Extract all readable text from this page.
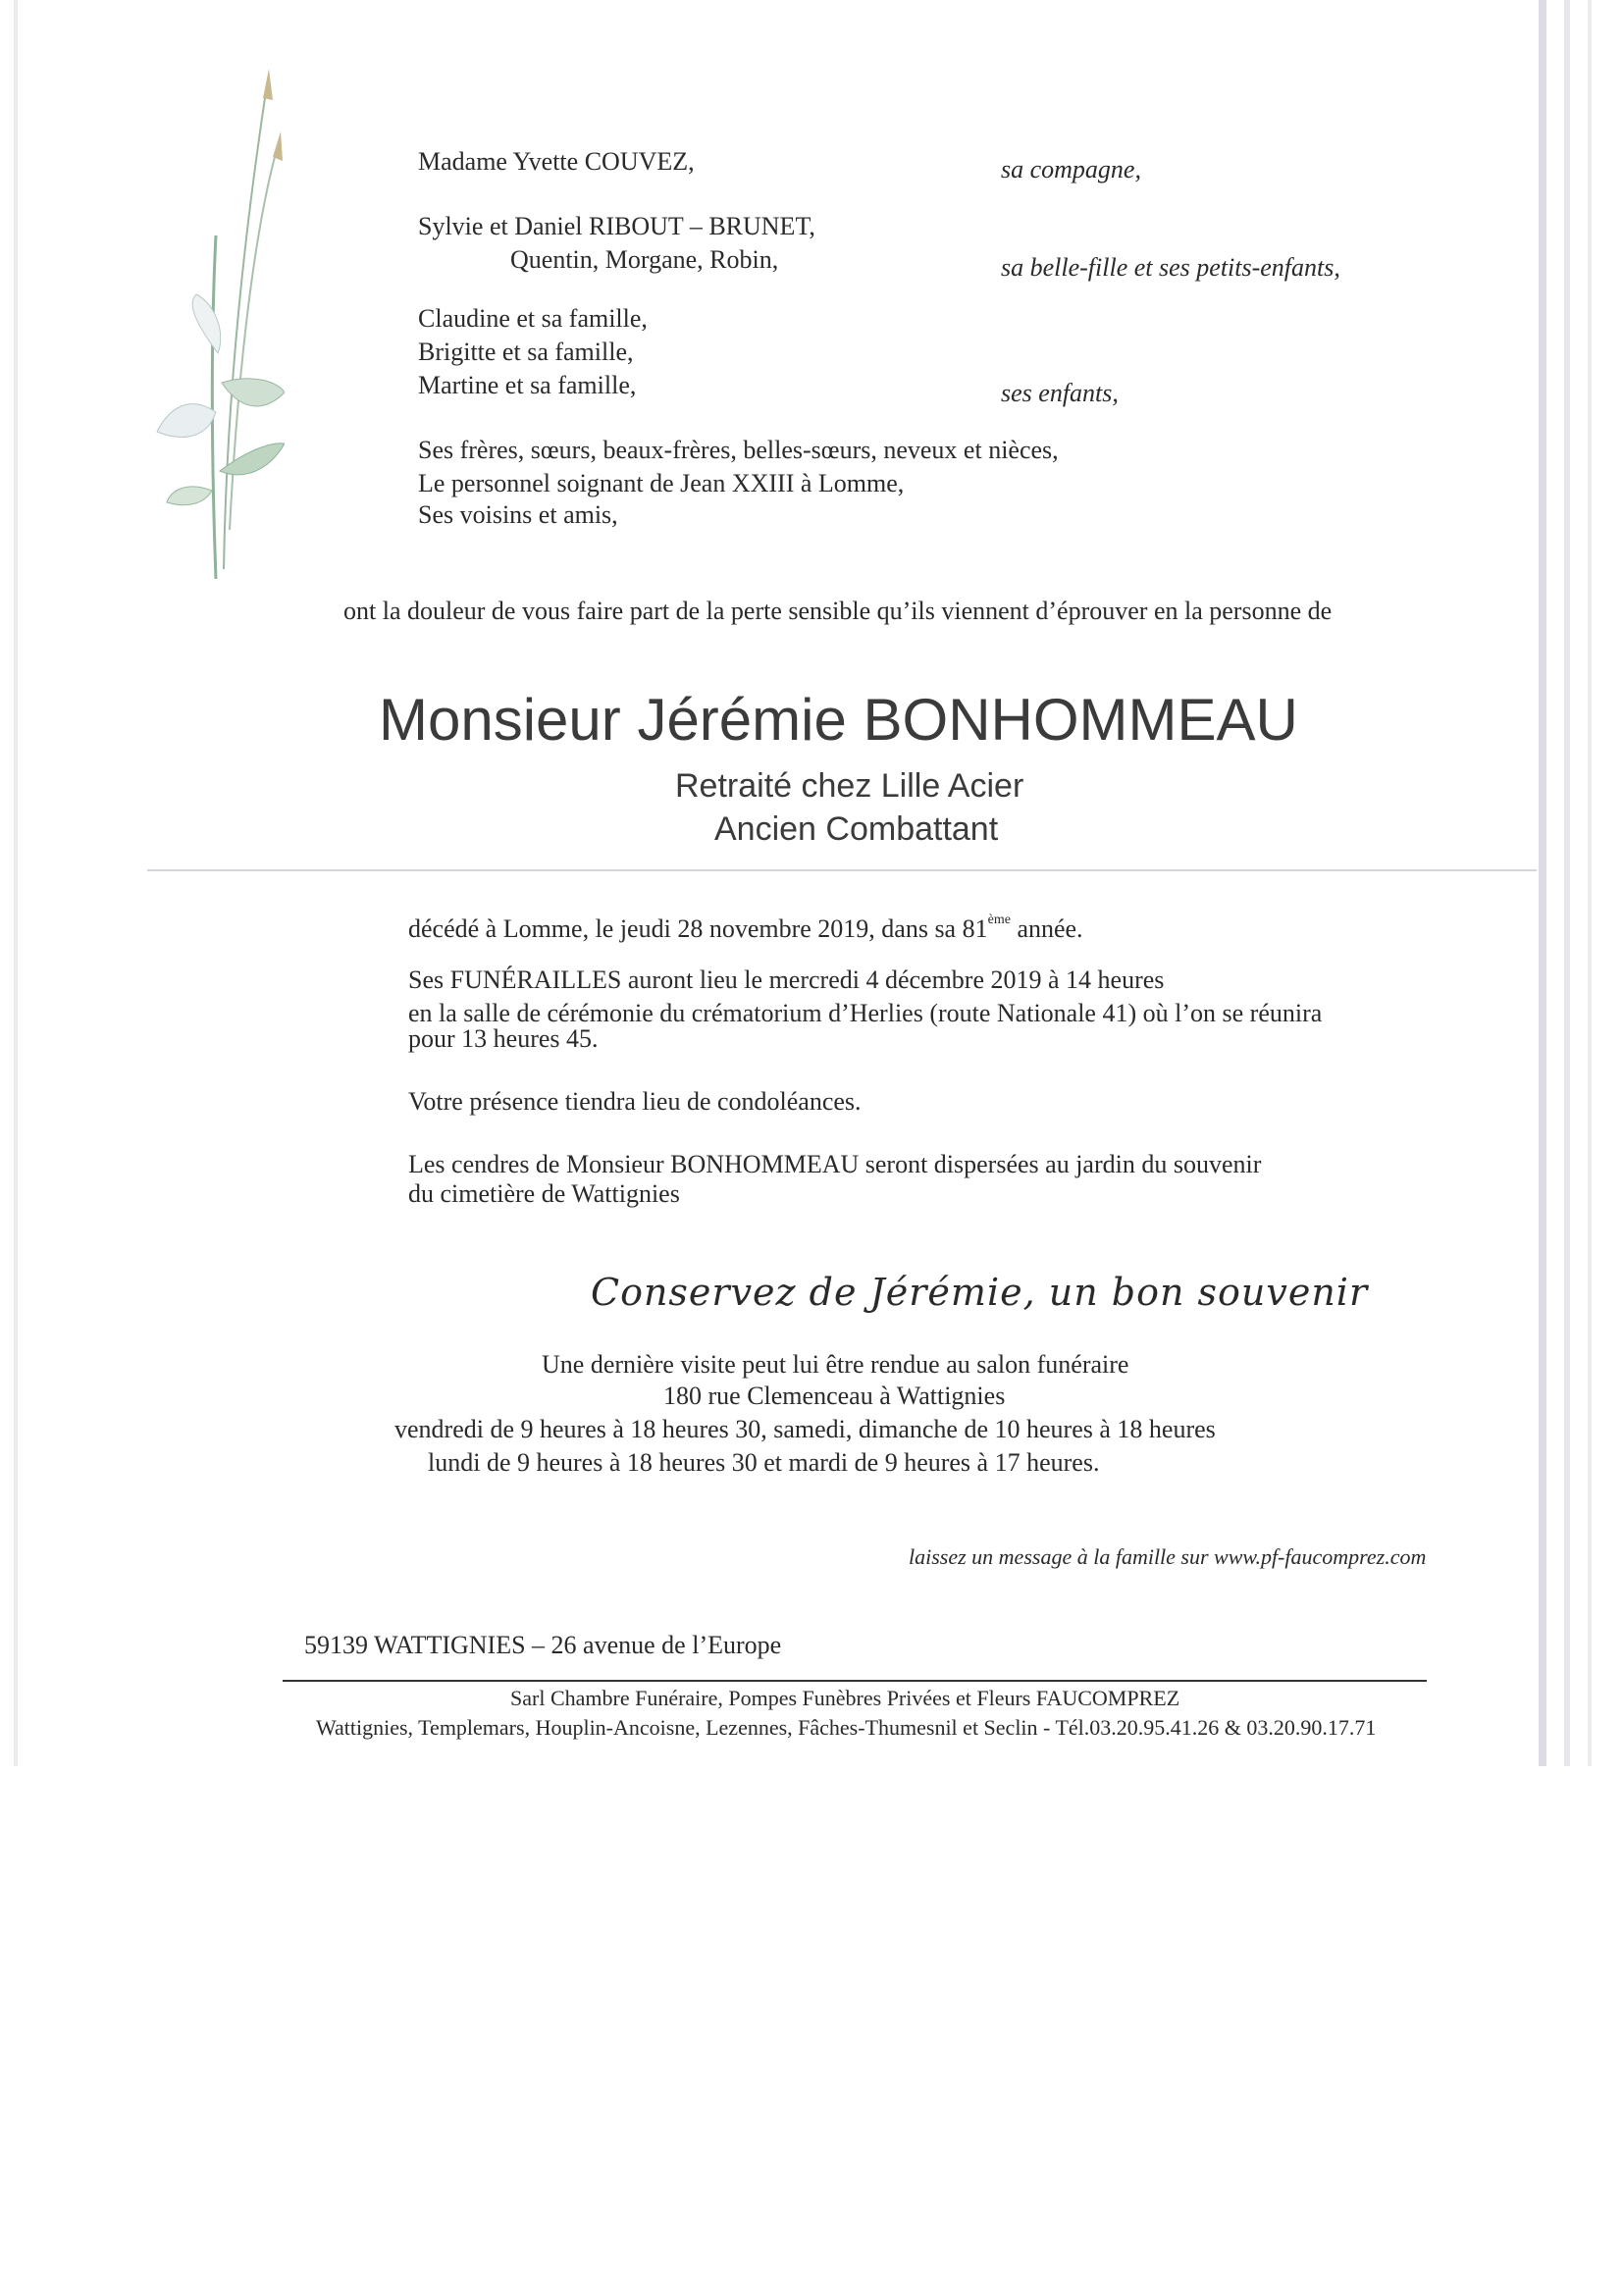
Madame Yvette COUVEZ,	sa compagne,
Sylvie et Daniel RIBOUT – BRUNET,
Quentin, Morgane, Robin,	sa belle-fille et ses petits-enfants,
Claudine et sa famille,
Brigitte et sa famille,
Martine et sa famille,	ses enfants,
Ses frères, sœurs, beaux-frères, belles-sœurs, neveux et nièces,
Le personnel soignant de Jean XXIII à Lomme,
Ses voisins et amis,
ont la douleur de vous faire part de la perte sensible qu’ils viennent d’éprouver en la personne de
Monsieur Jérémie BONHOMMEAU
Retraité chez Lille Acier
Ancien Combattant
décédé à Lomme, le jeudi 28 novembre 2019, dans sa 81ème année.
Ses FUNÉRAILLES auront lieu le mercredi 4 décembre 2019 à 14 heures
en la salle de cérémonie du crématorium d’Herlies (route Nationale 41) où l’on se réunira
pour 13 heures 45.
Votre présence tiendra lieu de condoléances.
Les cendres de Monsieur BONHOMMEAU seront dispersées au jardin du souvenir
du cimetière de Wattignies
Conservez de Jérémie, un bon souvenir
Une dernière visite peut lui être rendue au salon funéraire
180 rue Clemenceau à Wattignies
vendredi de 9 heures à 18 heures 30, samedi, dimanche de 10 heures à 18 heures
lundi de 9 heures à 18 heures 30 et mardi de 9 heures à 17 heures.
laissez un message à la famille sur www.pf-faucomprez.com
59139 WATTIGNIES – 26 avenue de l’Europe
Sarl Chambre Funéraire, Pompes Funèbres Privées et Fleurs FAUCOMPREZ
Wattignies, Templemars, Houplin-Ancoisne, Lezennes, Fâches-Thumesnil et Seclin - Tél.03.20.95.41.26 & 03.20.90.17.71
